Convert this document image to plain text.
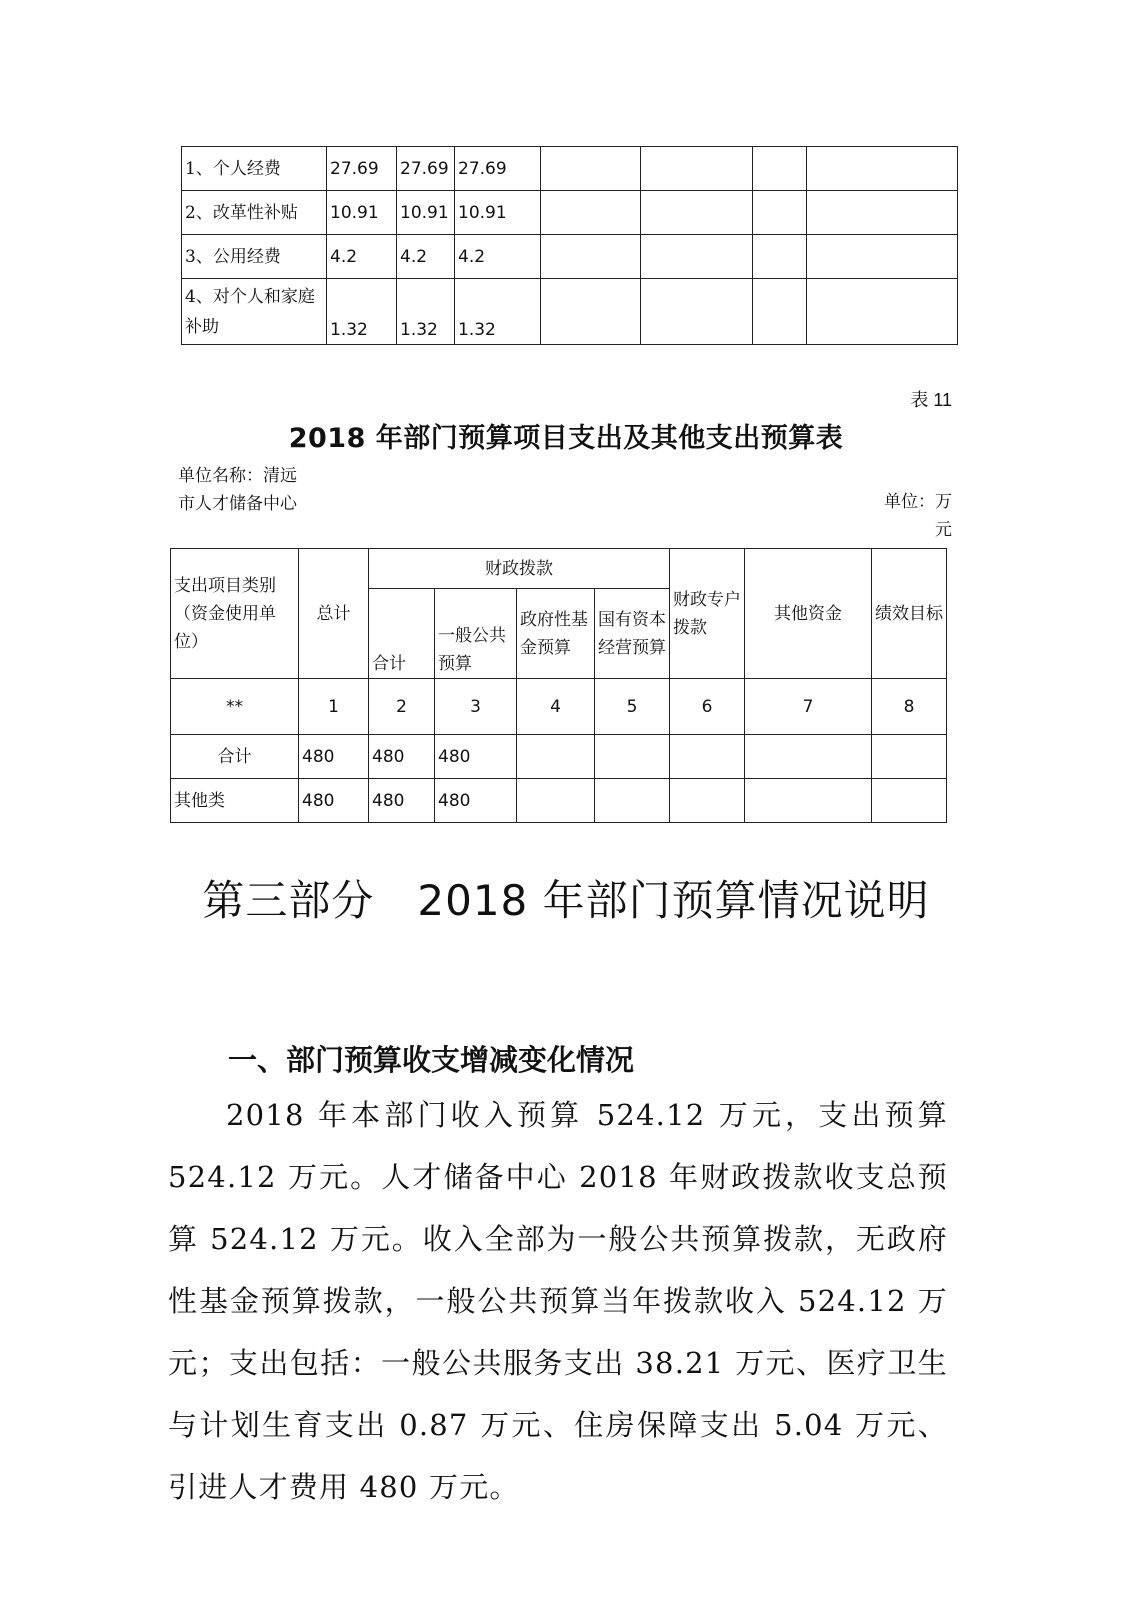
1、个人经费	27.69	27.69	27.69				
2、改革性补贴	10.91	10.91	10.91				
3、公用经费	4.2	4.2	4.2				
4、对个人和家庭补助	1.32	1.32	1.32				
表 11
2018 年部门预算项目支出及其他支出预算表
单位名称：清远市人才储备中心	单位：万元
支出项目类别（资金使用单位）	总计	财政拨款				财政专户拨款	其他资金	绩效目标
		合计	一般公共预算	政府性基金预算	国有资本经营预算			
**	1	2	3	4	5	6	7	8
合计	480	480	480					
其他类	480	480	480					
第三部分　2018 年部门预算情况说明
一、部门预算收支增减变化情况
2018 年本部门收入预算 524.12 万元，支出预算 524.12 万元。人才储备中心 2018 年财政拨款收支总预算 524.12 万元。收入全部为一般公共预算拨款，无政府性基金预算拨款，一般公共预算当年拨款收入 524.12 万元；支出包括：一般公共服务支出 38.21 万元、医疗卫生与计划生育支出 0.87 万元、住房保障支出 5.04 万元、引进人才费用 480 万元。
